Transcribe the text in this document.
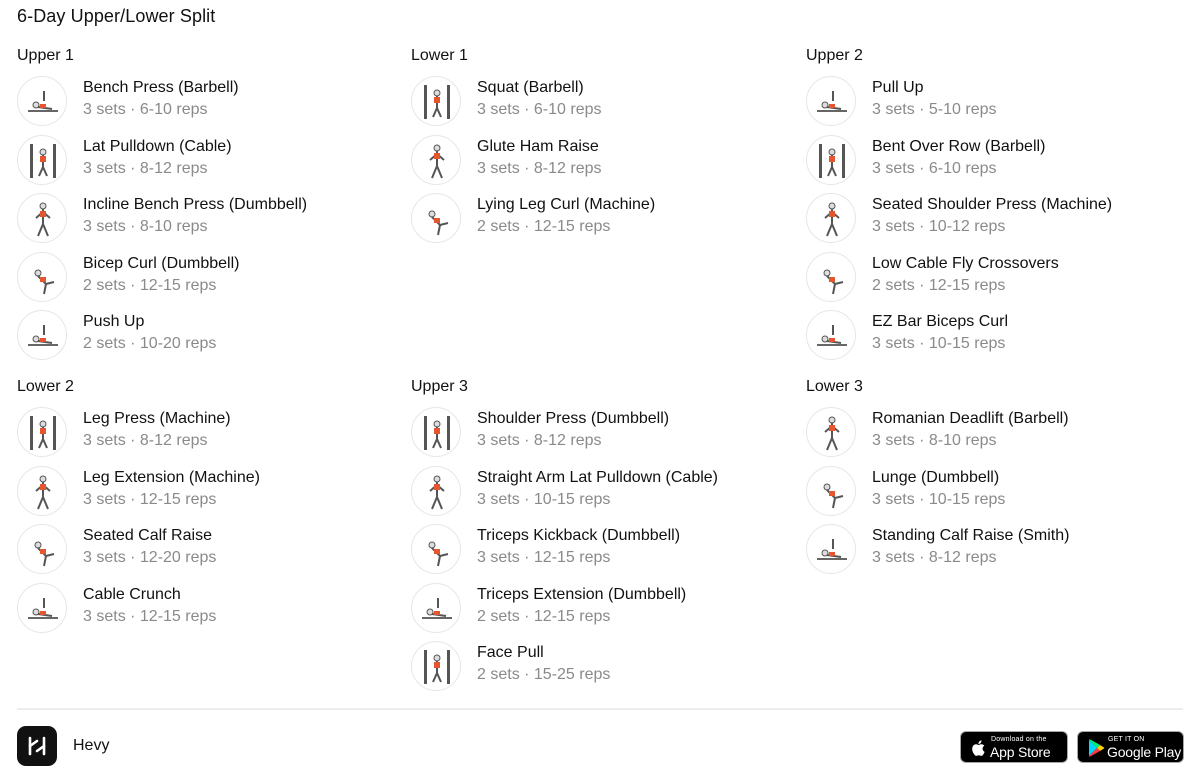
6-Day Upper/Lower Split
Upper 1
Bench Press (Barbell)
3 sets · 6-10 reps
Lat Pulldown (Cable)
3 sets · 8-12 reps
Incline Bench Press (Dumbbell)
3 sets · 8-10 reps
Bicep Curl (Dumbbell)
2 sets · 12-15 reps
Push Up
2 sets · 10-20 reps
Lower 1
Squat (Barbell)
3 sets · 6-10 reps
Glute Ham Raise
3 sets · 8-12 reps
Lying Leg Curl (Machine)
2 sets · 12-15 reps
Upper 2
Pull Up
3 sets · 5-10 reps
Bent Over Row (Barbell)
3 sets · 6-10 reps
Seated Shoulder Press (Machine)
3 sets · 10-12 reps
Low Cable Fly Crossovers
2 sets · 12-15 reps
EZ Bar Biceps Curl
3 sets · 10-15 reps
Lower 2
Leg Press (Machine)
3 sets · 8-12 reps
Leg Extension (Machine)
3 sets · 12-15 reps
Seated Calf Raise
3 sets · 12-20 reps
Cable Crunch
3 sets · 12-15 reps
Upper 3
Shoulder Press (Dumbbell)
3 sets · 8-12 reps
Straight Arm Lat Pulldown (Cable)
3 sets · 10-15 reps
Triceps Kickback (Dumbbell)
3 sets · 12-15 reps
Triceps Extension (Dumbbell)
2 sets · 12-15 reps
Face Pull
2 sets · 15-25 reps
Lower 3
Romanian Deadlift (Barbell)
3 sets · 8-10 reps
Lunge (Dumbbell)
3 sets · 10-15 reps
Standing Calf Raise (Smith)
3 sets · 8-12 reps
Hevy	Download on the
App Store
GET IT ON
Google Play
